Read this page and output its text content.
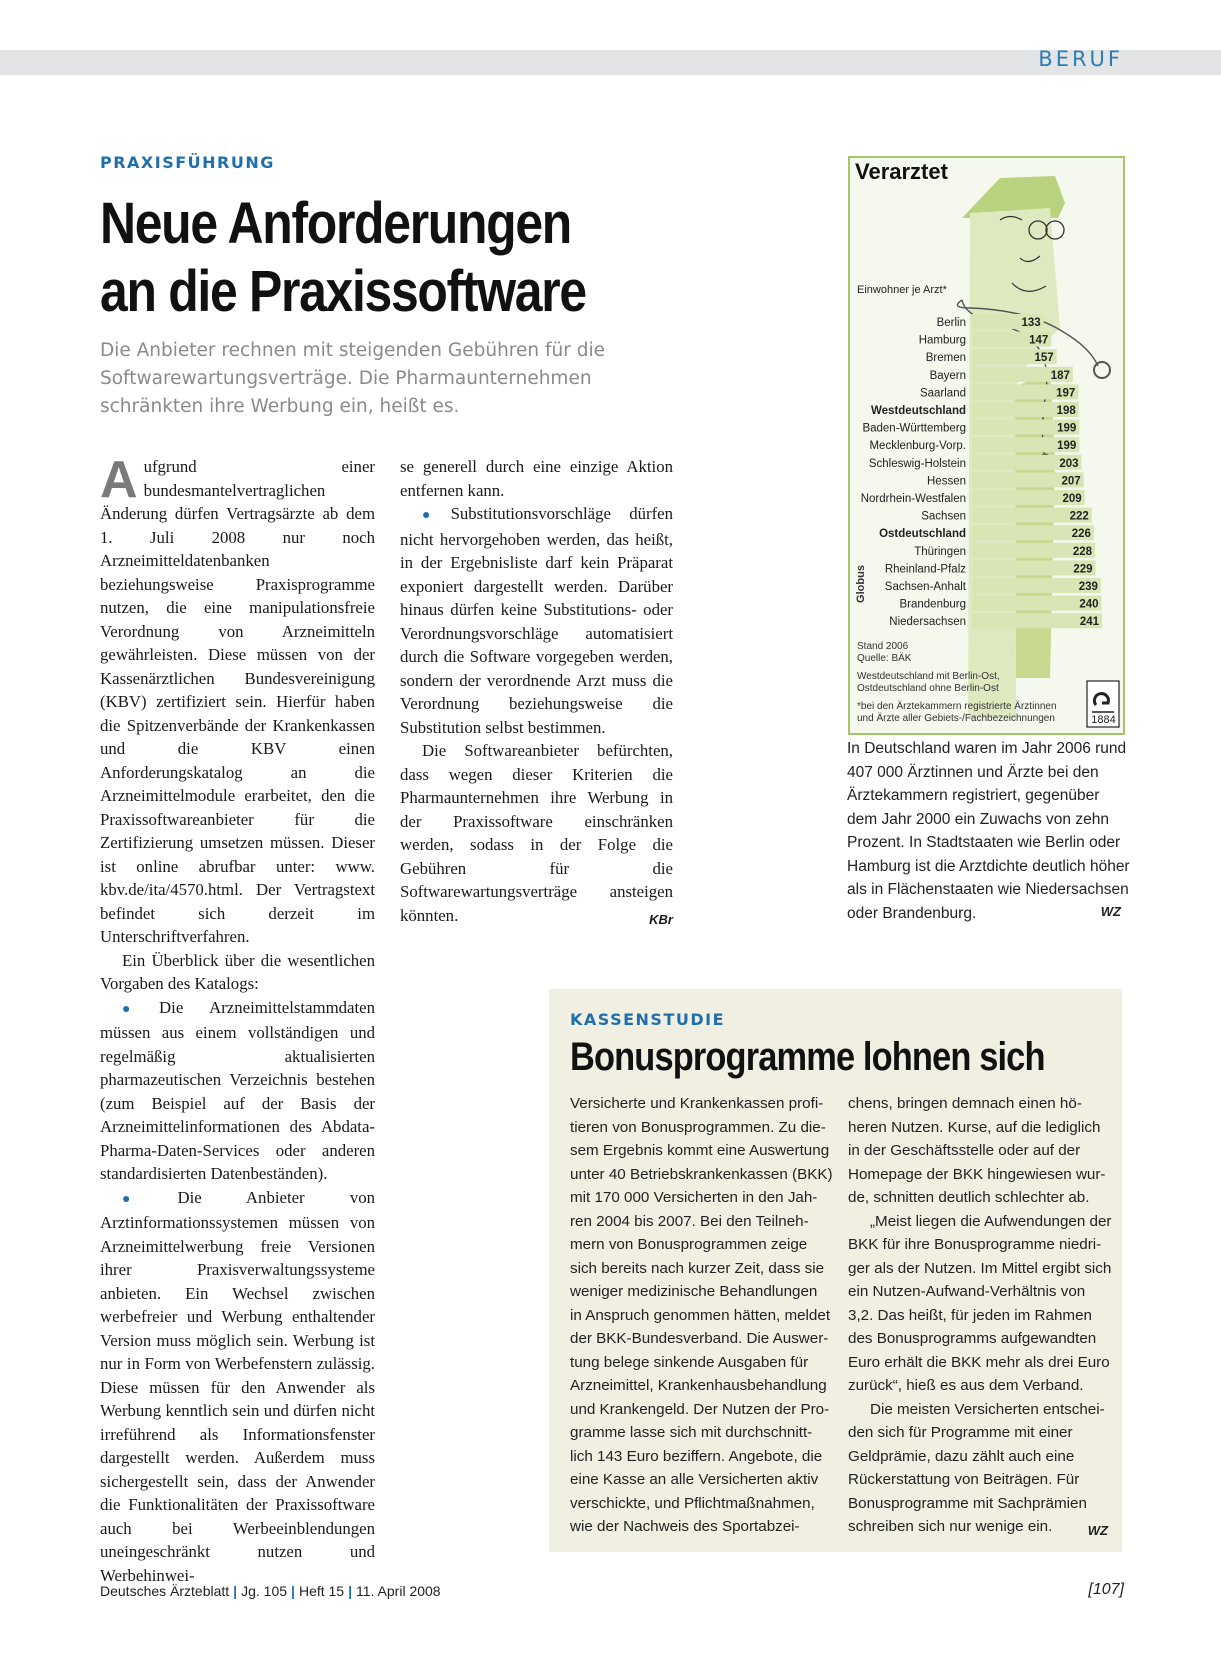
BERUF
PRAXISFÜHRUNG
Neue Anforderungen
an die Praxissoftware
Die Anbieter rechnen mit steigenden Gebühren für die
Softwarewartungsverträge. Die Pharmaunternehmen
schränkten ihre Werbung ein, heißt es.

Aufgrund einer bundesmantelvertraglichen Änderung dürfen Vertragsärzte ab dem 1. Juli 2008 nur noch Arzneimitteldatenbanken beziehungsweise Praxisprogramme nutzen, die eine manipulationsfreie Verordnung von Arzneimitteln gewährleisten. Diese müssen von der Kassenärztlichen Bundesvereinigung (KBV) zertifiziert sein. Hierfür haben die Spitzenverbände der Krankenkassen und die KBV einen Anforderungskatalog an die Arzneimittelmodule erarbeitet, den die Praxissoftwareanbieter für die Zertifizierung umsetzen müssen. Dieser ist online abrufbar unter: www. kbv.de/ita/4570.html. Der Vertragstext befindet sich derzeit im Unterschriftverfahren.

Ein Überblick über die wesentlichen Vorgaben des Katalogs:

● Die Arzneimittelstammdaten müssen aus einem vollständigen und regelmäßig aktualisierten pharmazeutischen Verzeichnis bestehen (zum Beispiel auf der Basis der Arzneimittelinformationen des Abdata-Pharma-Daten-Services oder anderen standardisierten Datenbeständen).

● Die Anbieter von Arztinformationssystemen müssen von Arzneimittelwerbung freie Versionen ihrer Praxisverwaltungssysteme anbieten. Ein Wechsel zwischen werbefreier und Werbung enthaltender Version muss möglich sein. Werbung ist nur in Form von Werbefenstern zulässig. Diese müssen für den Anwender als Werbung kenntlich sein und dürfen nicht irreführend als Informationsfenster dargestellt werden. Außerdem muss sichergestellt sein, dass der Anwender die Funktionalitäten der Praxissoftware auch bei Werbeeinblendungen uneingeschränkt nutzen und Werbehinwei-

se generell durch eine einzige Aktion entfernen kann.

● Substitutionsvorschläge dürfen nicht hervorgehoben werden, das heißt, in der Ergebnisliste darf kein Präparat exponiert dargestellt werden. Darüber hinaus dürfen keine Substitutions- oder Verordnungsvorschläge automatisiert durch die Software vorgegeben werden, sondern der verordnende Arzt muss die Verordnung beziehungsweise die Substitution selbst bestimmen.

Die Softwareanbieter befürchten, dass wegen dieser Kriterien die Pharmaunternehmen ihre Werbung in der Praxissoftware einschränken werden, sodass in der Folge die Gebühren für die Softwarewartungsverträge ansteigen könnten.	KBr

Berlin	133
Hamburg	147
Bremen	157
Bayern	187
Saarland	197
Westdeutschland	198
Baden-Württemberg	199
Mecklenburg-Vorp.	199
Schleswig-Holstein	203
Hessen	207
Nordrhein-Westfalen	209
Sachsen	222
Ostdeutschland	226
Thüringen	228
Rheinland-Pfalz	229
Sachsen-Anhalt	239
Brandenburg	240
Niedersachsen	241
Verarztet
Einwohner je Arzt*
Globus
Stand 2006
Quelle: BÄK
Westdeutschland mit Berlin-Ost,
Ostdeutschland ohne Berlin-Ost
*bei den Ärztekammern registrierte Ärztinnen
und Ärzte aller Gebiets-/Fachbezeichnungen	1884
In Deutschland waren im Jahr 2006 rund
407 000 Ärztinnen und Ärzte bei den
Ärztekammern registriert, gegenüber
dem Jahr 2000 ein Zuwachs von zehn
Prozent. In Stadtstaaten wie Berlin oder
Hamburg ist die Arztdichte deutlich höher
als in Flächenstaaten wie Niedersachsen
oder Brandenburg.	WZ
KASSENSTUDIE
Bonusprogramme lohnen sich
Versicherte und Krankenkassen profi-
tieren von Bonusprogrammen. Zu die-
sem Ergebnis kommt eine Auswertung
unter 40 Betriebskrankenkassen (BKK)
mit 170 000 Versicherten in den Jah-
ren 2004 bis 2007. Bei den Teilneh-
mern von Bonusprogrammen zeige
sich bereits nach kurzer Zeit, dass sie
weniger medizinische Behandlungen
in Anspruch genommen hätten, meldet
der BKK-Bundesverband. Die Auswer-
tung belege sinkende Ausgaben für
Arzneimittel, Krankenhausbehandlung
und Krankengeld. Der Nutzen der Pro-
gramme lasse sich mit durchschnitt-
lich 143 Euro beziffern. Angebote, die
eine Kasse an alle Versicherten aktiv
verschickte, und Pflichtmaßnahmen,
wie der Nachweis des Sportabzei-
chens, bringen demnach einen hö-
heren Nutzen. Kurse, auf die lediglich
in der Geschäftsstelle oder auf der
Homepage der BKK hingewiesen wur-
de, schnitten deutlich schlechter ab.
„Meist liegen die Aufwendungen der
BKK für ihre Bonusprogramme niedri-
ger als der Nutzen. Im Mittel ergibt sich
ein Nutzen-Aufwand-Verhältnis von
3,2. Das heißt, für jeden im Rahmen
des Bonusprogramms aufgewandten
Euro erhält die BKK mehr als drei Euro
zurück“, hieß es aus dem Verband.
Die meisten Versicherten entschei-
den sich für Programme mit einer
Geldprämie, dazu zählt auch eine
Rückerstattung von Beiträgen. Für
Bonusprogramme mit Sachprämien
schreiben sich nur wenige ein.	WZ
Deutsches Ärzteblatt | Jg. 105 | Heft 15 | 11. April 2008	[107]
